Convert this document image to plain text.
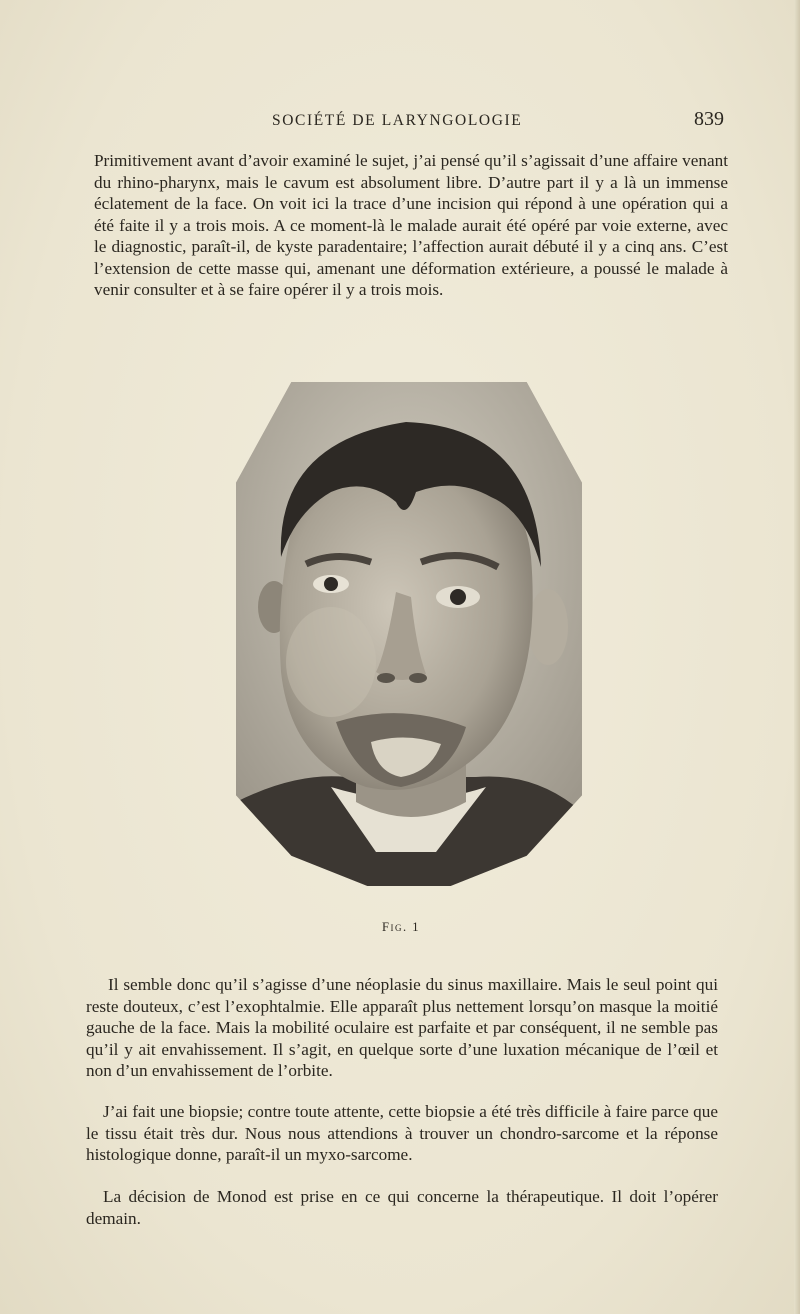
SOCIÉTÉ DE LARYNGOLOGIE	839

Primitivement avant d’avoir examiné le sujet, j’ai pensé qu’il s’agissait d’une affaire venant du rhino-pharynx, mais le cavum est absolument libre. D’autre part il y a là un immense éclatement de la face. On voit ici la trace d’une incision qui répond à une opération qui a été faite il y a trois mois. A ce moment-là le malade aurait été opéré par voie externe, avec le diagnostic, paraît-il, de kyste paradentaire; l’affection aurait débuté il y a cinq ans. C’est l’extension de cette masse qui, amenant une déformation extérieure, a poussé le malade à venir consulter et à se faire opérer il y a trois mois.

Fig. 1

Il semble donc qu’il s’agisse d’une néoplasie du sinus maxillaire. Mais le seul point qui reste douteux, c’est l’exophtalmie. Elle apparaît plus nettement lorsqu’on masque la moitié gauche de la face. Mais la mobilité oculaire est parfaite et par conséquent, il ne semble pas qu’il y ait envahissement. Il s’agit, en quelque sorte d’une luxation mécanique de l’œil et non d’un envahissement de l’orbite.

J’ai fait une biopsie; contre toute attente, cette biopsie a été très difficile à faire parce que le tissu était très dur. Nous nous attendions à trouver un chondro-sarcome et la réponse histologique donne, paraît-il un myxo-sarcome.

La décision de Monod est prise en ce qui concerne la thérapeutique. Il doit l’opérer demain.
